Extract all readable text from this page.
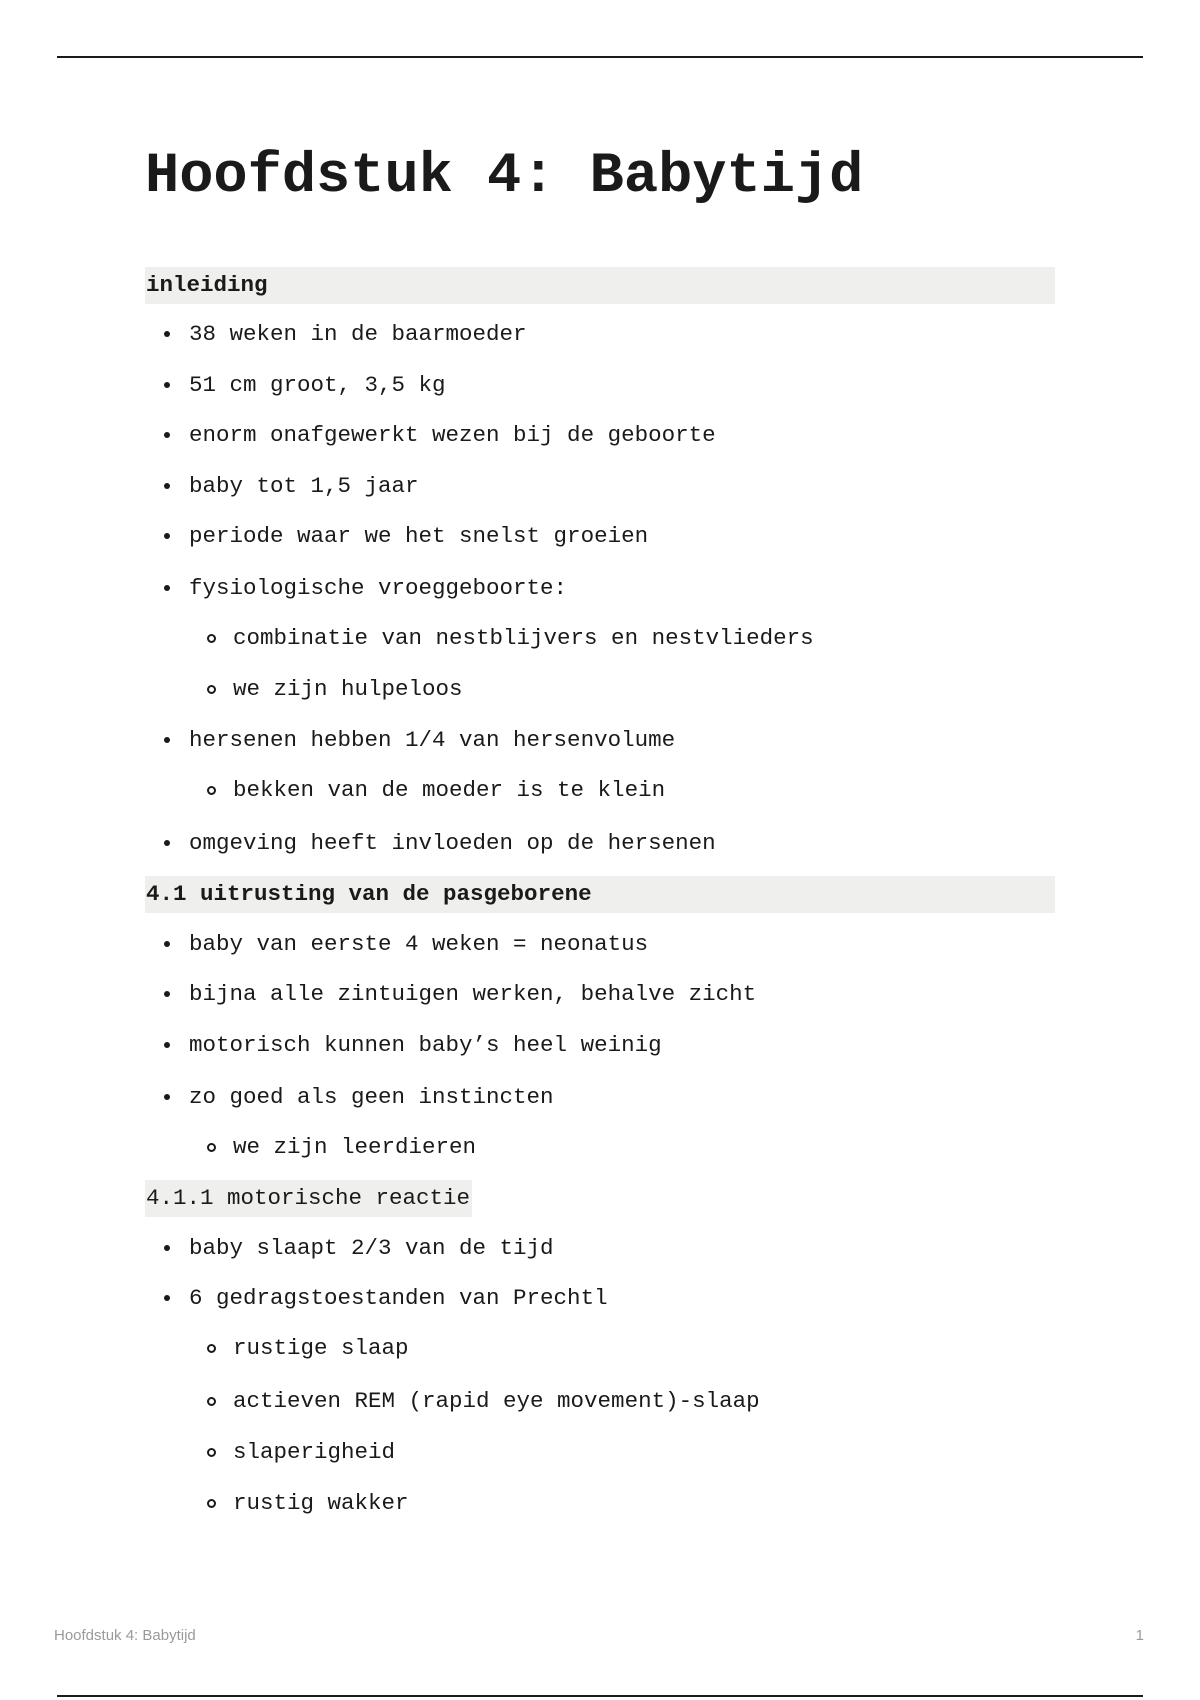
Hoofdstuk 4: Babytijd
inleiding
38 weken in de baarmoeder
51 cm groot, 3,5 kg
enorm onafgewerkt wezen bij de geboorte
baby tot 1,5 jaar
periode waar we het snelst groeien
fysiologische vroeggeboorte:
combinatie van nestblijvers en nestvlieders
we zijn hulpeloos
hersenen hebben 1/4 van hersenvolume
bekken van de moeder is te klein
omgeving heeft invloeden op de hersenen
4.1 uitrusting van de pasgeborene
baby van eerste 4 weken = neonatus
bijna alle zintuigen werken, behalve zicht
motorisch kunnen baby’s heel weinig
zo goed als geen instincten
we zijn leerdieren
4.1.1 motorische reactie
baby slaapt 2/3 van de tijd
6 gedragstoestanden van Prechtl
rustige slaap
actieven REM (rapid eye movement)-slaap
slaperigheid
rustig wakker
Hoofdstuk 4: Babytijd	1
